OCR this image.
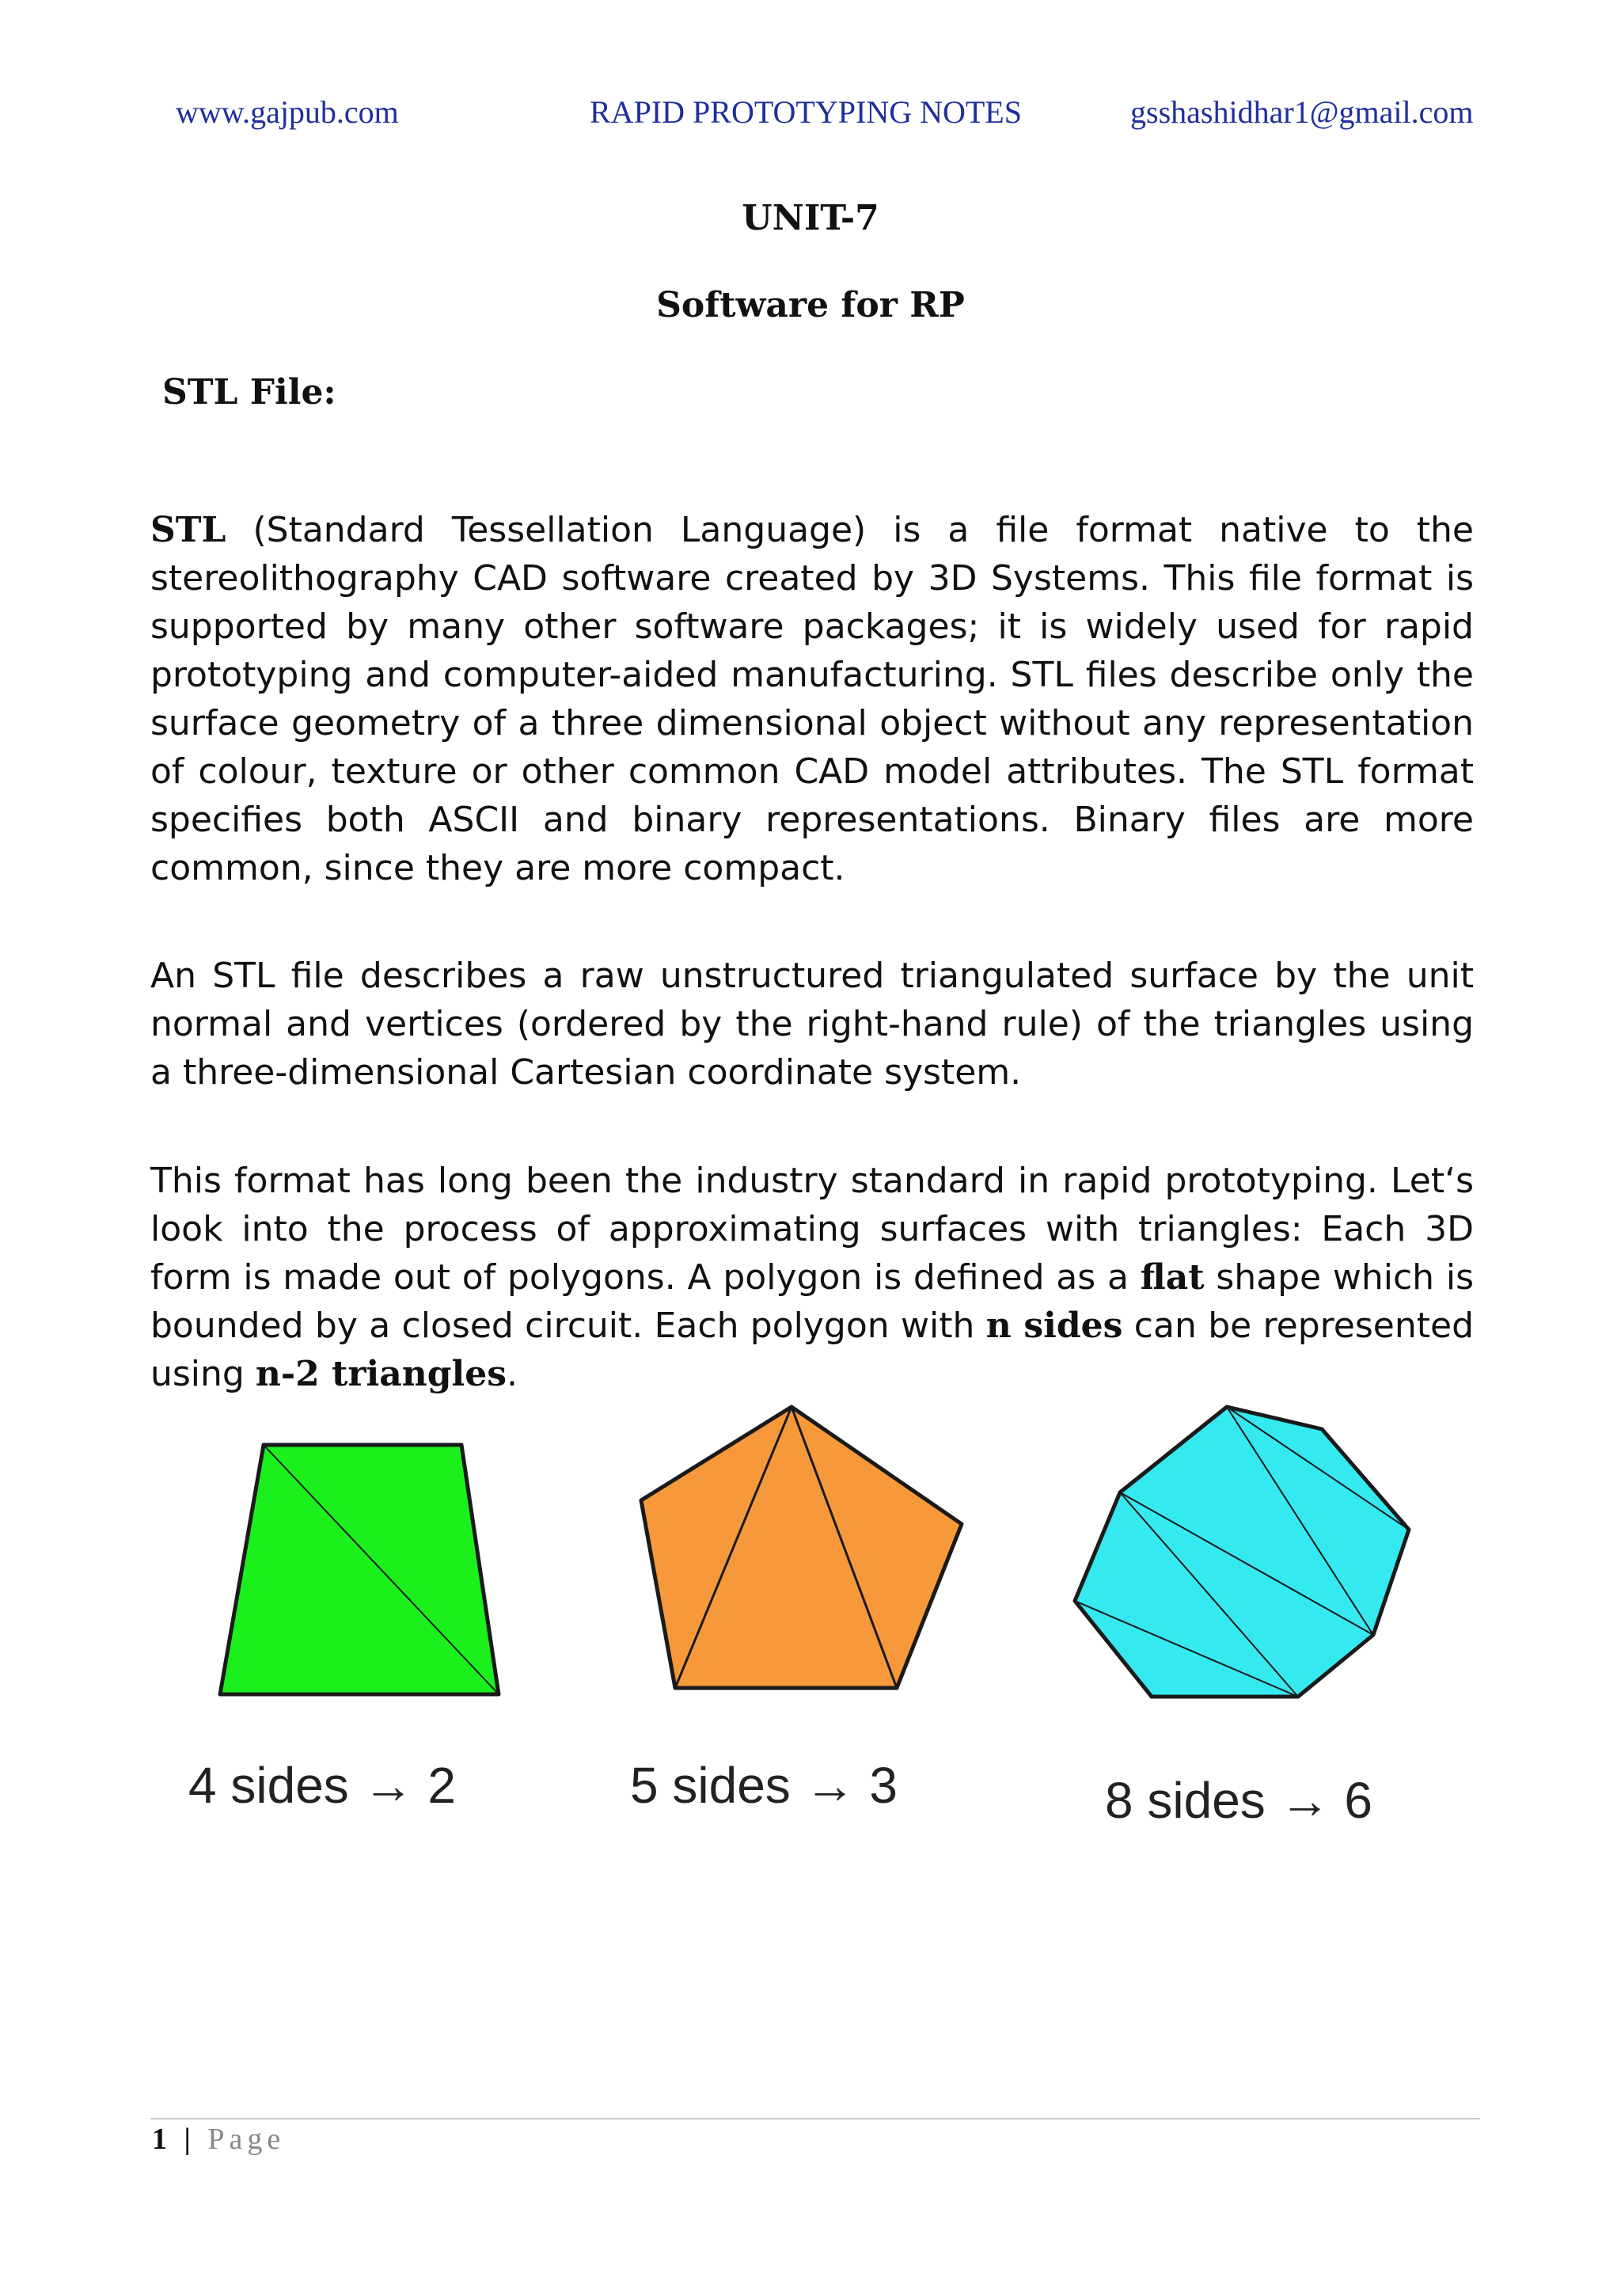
www.gajpub.com	RAPID PROTOTYPING NOTES	gsshashidhar1@gmail.com
UNIT-7
Software for RP
STL File:

STL (Standard Tessellation Language) is a file format native to the stereolithography CAD software created by 3D Systems. This file format is supported by many other software packages; it is widely used for rapid prototyping and computer-aided manufacturing. STL files describe only the surface geometry of a three dimensional object without any representation of colour, texture or other common CAD model attributes. The STL format specifies both ASCII and binary representations. Binary files are more common, since they are more compact.

An STL file describes a raw unstructured triangulated surface by the unit normal and vertices (ordered by the right-hand rule) of the triangles using a three-dimensional Cartesian coordinate system.

This format has long been the industry standard in rapid prototyping. Let‘s look into the process of approximating surfaces with triangles: Each 3D form is made out of polygons. A polygon is defined as a flat shape which is bounded by a closed circuit. Each polygon with n sides can be represented using n-2 triangles.

4 sides → 2	5 sides → 3	8 sides → 6
1 | Page
